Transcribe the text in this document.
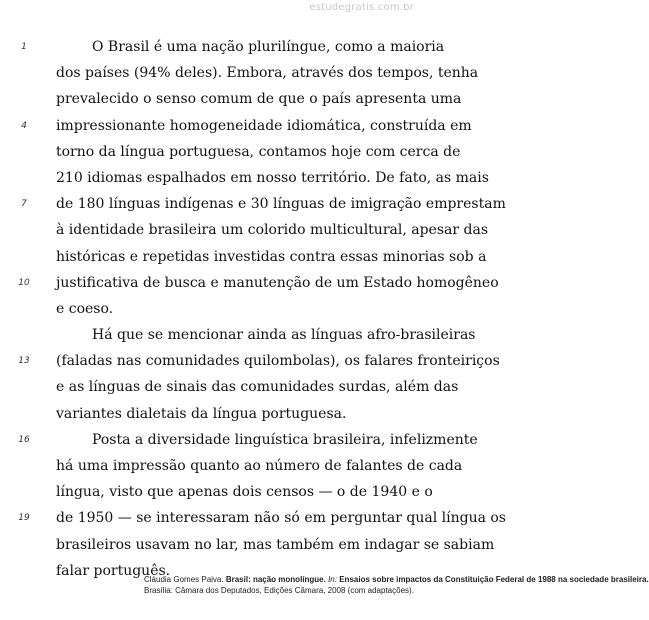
estudegratis.com.br
1	O Brasil é uma nação plurilíngue, como a maioria
dos países (94% deles). Embora, através dos tempos, tenha
prevalecido o senso comum de que o país apresenta uma
4 impressionante homogeneidade idiomática, construída em
torno da língua portuguesa, contamos hoje com cerca de
210 idiomas espalhados em nosso território. De fato, as mais
7 de 180 línguas indígenas e 30 línguas de imigração emprestam
à identidade brasileira um colorido multicultural, apesar das
históricas e repetidas investidas contra essas minorias sob a
10 justificativa de busca e manutenção de um Estado homogêneo
e coeso.
Há que se mencionar ainda as línguas afro-brasileiras
13 (faladas nas comunidades quilombolas), os falares fronteiriços
e as línguas de sinais das comunidades surdas, além das
variantes dialetais da língua portuguesa.
16	Posta a diversidade linguística brasileira, infelizmente
há uma impressão quanto ao número de falantes de cada
língua, visto que apenas dois censos — o de 1940 e o
19 de 1950 — se interessaram não só em perguntar qual língua os
brasileiros usavam no lar, mas também em indagar se sabiam
falar português.
Cláudia Gomes Paiva. Brasil: nação monolíngue. In: Ensaios sobre impactos da Constituição Federal de 1988 na sociedade brasileira.
Brasília: Câmara dos Deputados, Edições Câmara, 2008 (com adaptações).
